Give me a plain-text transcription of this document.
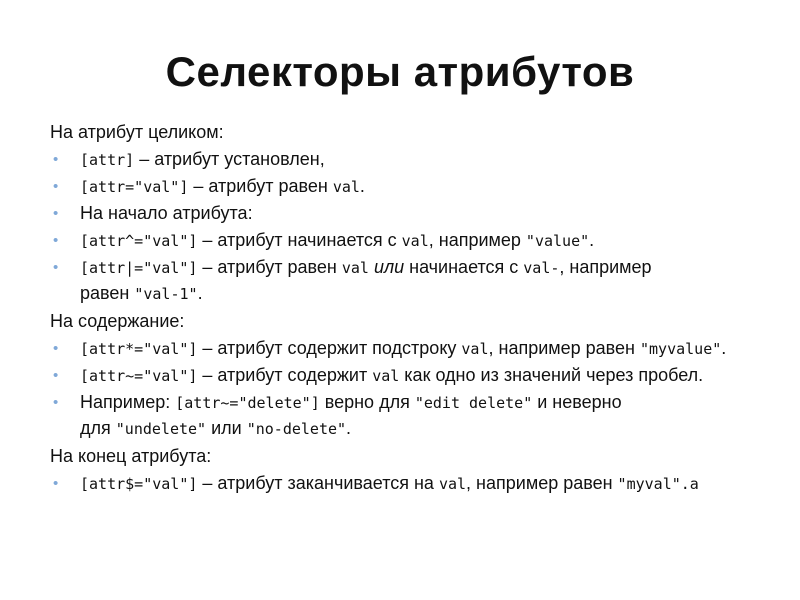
Селекторы атрибутов

На атрибут целиком:

• [attr] – атрибут установлен,

• [attr="val"] – атрибут равен val.

• На начало атрибута:

• [attr^="val"] – атрибут начинается с val, например "value".

• [attr|="val"] – атрибут равен val или начинается с val-, например
равен "val-1".

На содержание:

• [attr*="val"] – атрибут содержит подстроку val, например равен "myvalue".

• [attr~="val"] – атрибут содержит val как одно из значений через пробел.

• Например: [attr~="delete"] верно для "edit delete" и неверно
для "undelete" или "no-delete".

На конец атрибута:

• [attr$="val"] – атрибут заканчивается на val, например равен "myval".a
